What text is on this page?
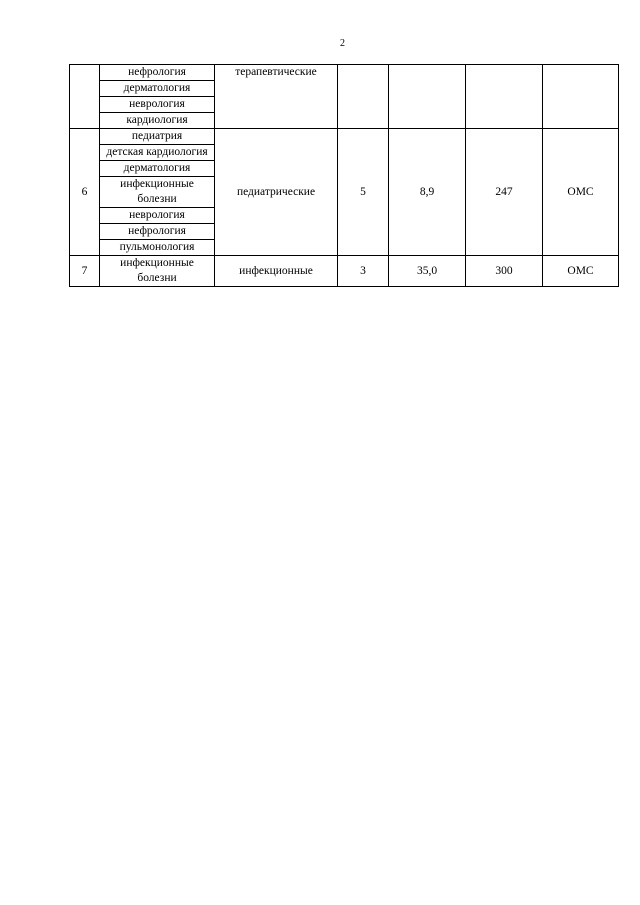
2
	нефрология	терапевтические				
	дерматология					
	неврология					
	кардиология					
6	педиатрия	педиатрические	5	8,9	247	ОМС
	детская кардиология					
	дерматология					
	инфекционные болезни					
	неврология					
	нефрология					
	пульмонология					
7	инфекционные болезни	инфекционные	3	35,0	300	ОМС
